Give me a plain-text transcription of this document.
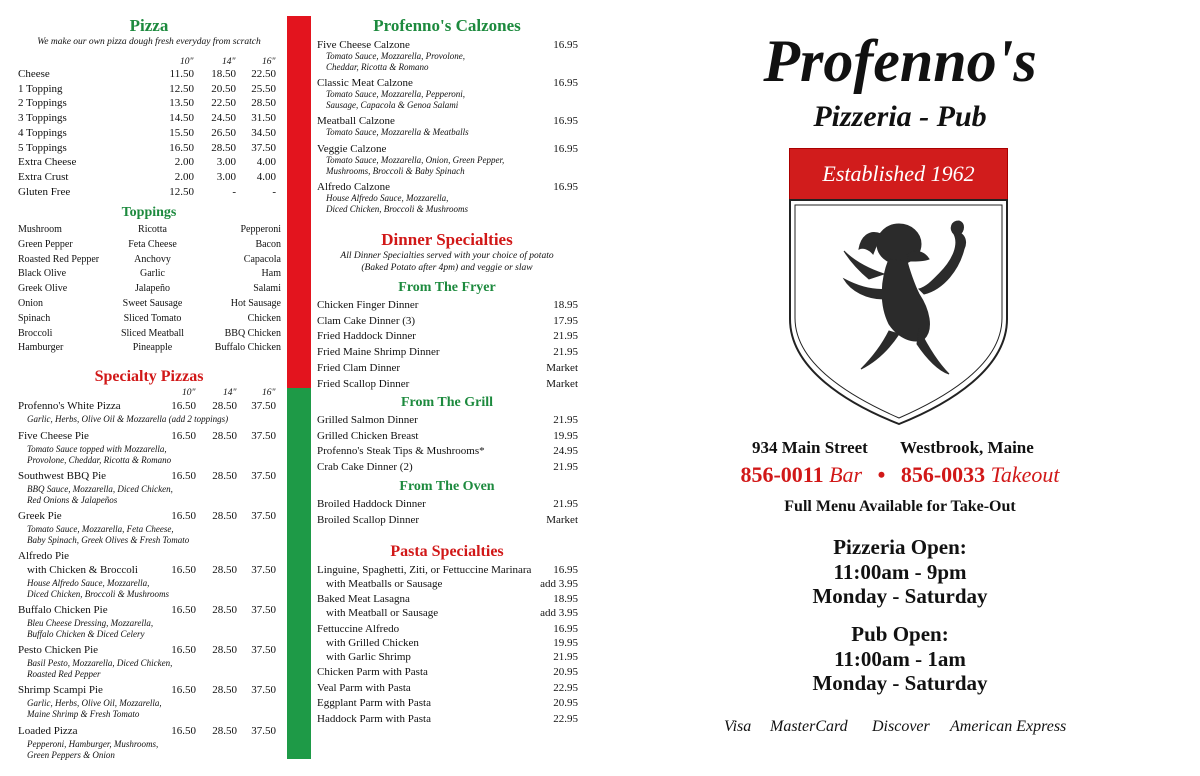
Pizza
We make our own pizza dough fresh everyday from scratch
10"	14"	16"
Cheese	11.50	18.50	22.50
1 Topping	12.50	20.50	25.50
2 Toppings	13.50	22.50	28.50
3 Toppings	14.50	24.50	31.50
4 Toppings	15.50	26.50	34.50
5 Toppings	16.50	28.50	37.50
Extra Cheese	2.00	3.00	4.00
Extra Crust	2.00	3.00	4.00
Gluten Free	12.50	-	-
Toppings
Mushroom	Ricotta	Pepperoni
Green Pepper	Feta Cheese	Bacon
Roasted Red Pepper	Anchovy	Capacola
Black Olive	Garlic	Ham
Greek Olive	Jalapeño	Salami
Onion	Sweet Sausage	Hot Sausage
Spinach	Sliced Tomato	Chicken
Broccoli	Sliced Meatball	BBQ Chicken
Hamburger	Pineapple	Buffalo Chicken
Specialty Pizzas
10"	14"	16"
Profenno's White Pizza	16.50	28.50	37.50
Garlic, Herbs, Olive Oil & Mozzarella (add 2 toppings)
Five Cheese Pie	16.50	28.50	37.50
Tomato Sauce topped with Mozzarella,
Provolone, Cheddar, Ricotta & Romano
Southwest BBQ Pie	16.50	28.50	37.50
BBQ Sauce, Mozzarella, Diced Chicken,
Red Onions & Jalapeños
Greek Pie	16.50	28.50	37.50
Tomato Sauce, Mozzarella, Feta Cheese,
Baby Spinach, Greek Olives & Fresh Tomato
Alfredo Pie
with Chicken & Broccoli	16.50	28.50	37.50
House Alfredo Sauce, Mozzarella,
Diced Chicken, Broccoli & Mushrooms
Buffalo Chicken Pie	16.50	28.50	37.50
Bleu Cheese Dressing, Mozzarella,
Buffalo Chicken & Diced Celery
Pesto Chicken Pie	16.50	28.50	37.50
Basil Pesto, Mozzarella, Diced Chicken,
Roasted Red Pepper
Shrimp Scampi Pie	16.50	28.50	37.50
Garlic, Herbs, Olive Oil, Mozzarella,
Maine Shrimp & Fresh Tomato
Loaded Pizza	16.50	28.50	37.50
Pepperoni, Hamburger, Mushrooms,
Green Peppers & Onion
Profenno's Calzones
Five Cheese Calzone	16.95
Tomato Sauce, Mozzarella, Provolone,
Cheddar, Ricotta & Romano
Classic Meat Calzone	16.95
Tomato Sauce, Mozzarella, Pepperoni,
Sausage, Capacola & Genoa Salami
Meatball Calzone	16.95
Tomato Sauce, Mozzarella & Meatballs
Veggie Calzone	16.95
Tomato Sauce, Mozzarella, Onion, Green Pepper,
Mushrooms, Broccoli & Baby Spinach
Alfredo Calzone	16.95
House Alfredo Sauce, Mozzarella,
Diced Chicken, Broccoli & Mushrooms
Dinner Specialties
All Dinner Specialties served with your choice of potato
(Baked Potato after 4pm) and veggie or slaw
From The Fryer
Chicken Finger Dinner	18.95
Clam Cake Dinner (3)	17.95
Fried Haddock Dinner	21.95
Fried Maine Shrimp Dinner	21.95
Fried Clam Dinner	Market
Fried Scallop Dinner	Market
From The Grill
Grilled Salmon Dinner	21.95
Grilled Chicken Breast	19.95
Profenno's Steak Tips & Mushrooms*	24.95
Crab Cake Dinner (2)	21.95
From The Oven
Broiled Haddock Dinner	21.95
Broiled Scallop Dinner	Market
Pasta Specialties
Linguine, Spaghetti, Ziti, or Fettuccine Marinara	16.95
with Meatballs or Sausage	add 3.95
Baked Meat Lasagna	18.95
with Meatball or Sausage	add 3.95
Fettuccine Alfredo	16.95
with Grilled Chicken	19.95
with Garlic Shrimp	21.95
Chicken Parm with Pasta	20.95
Veal Parm with Pasta	22.95
Eggplant Parm with Pasta	20.95
Haddock Parm with Pasta	22.95
Profenno's
Pizzeria - Pub
Established 1962
934 Main Street Westbrook, Maine
856-0011 Bar • 856-0033 Takeout
Full Menu Available for Take-Out
Pizzeria Open:
11:00am - 9pm
Monday - Saturday
Pub Open:
11:00am - 1am
Monday - Saturday
Visa MasterCard Discover American Express
